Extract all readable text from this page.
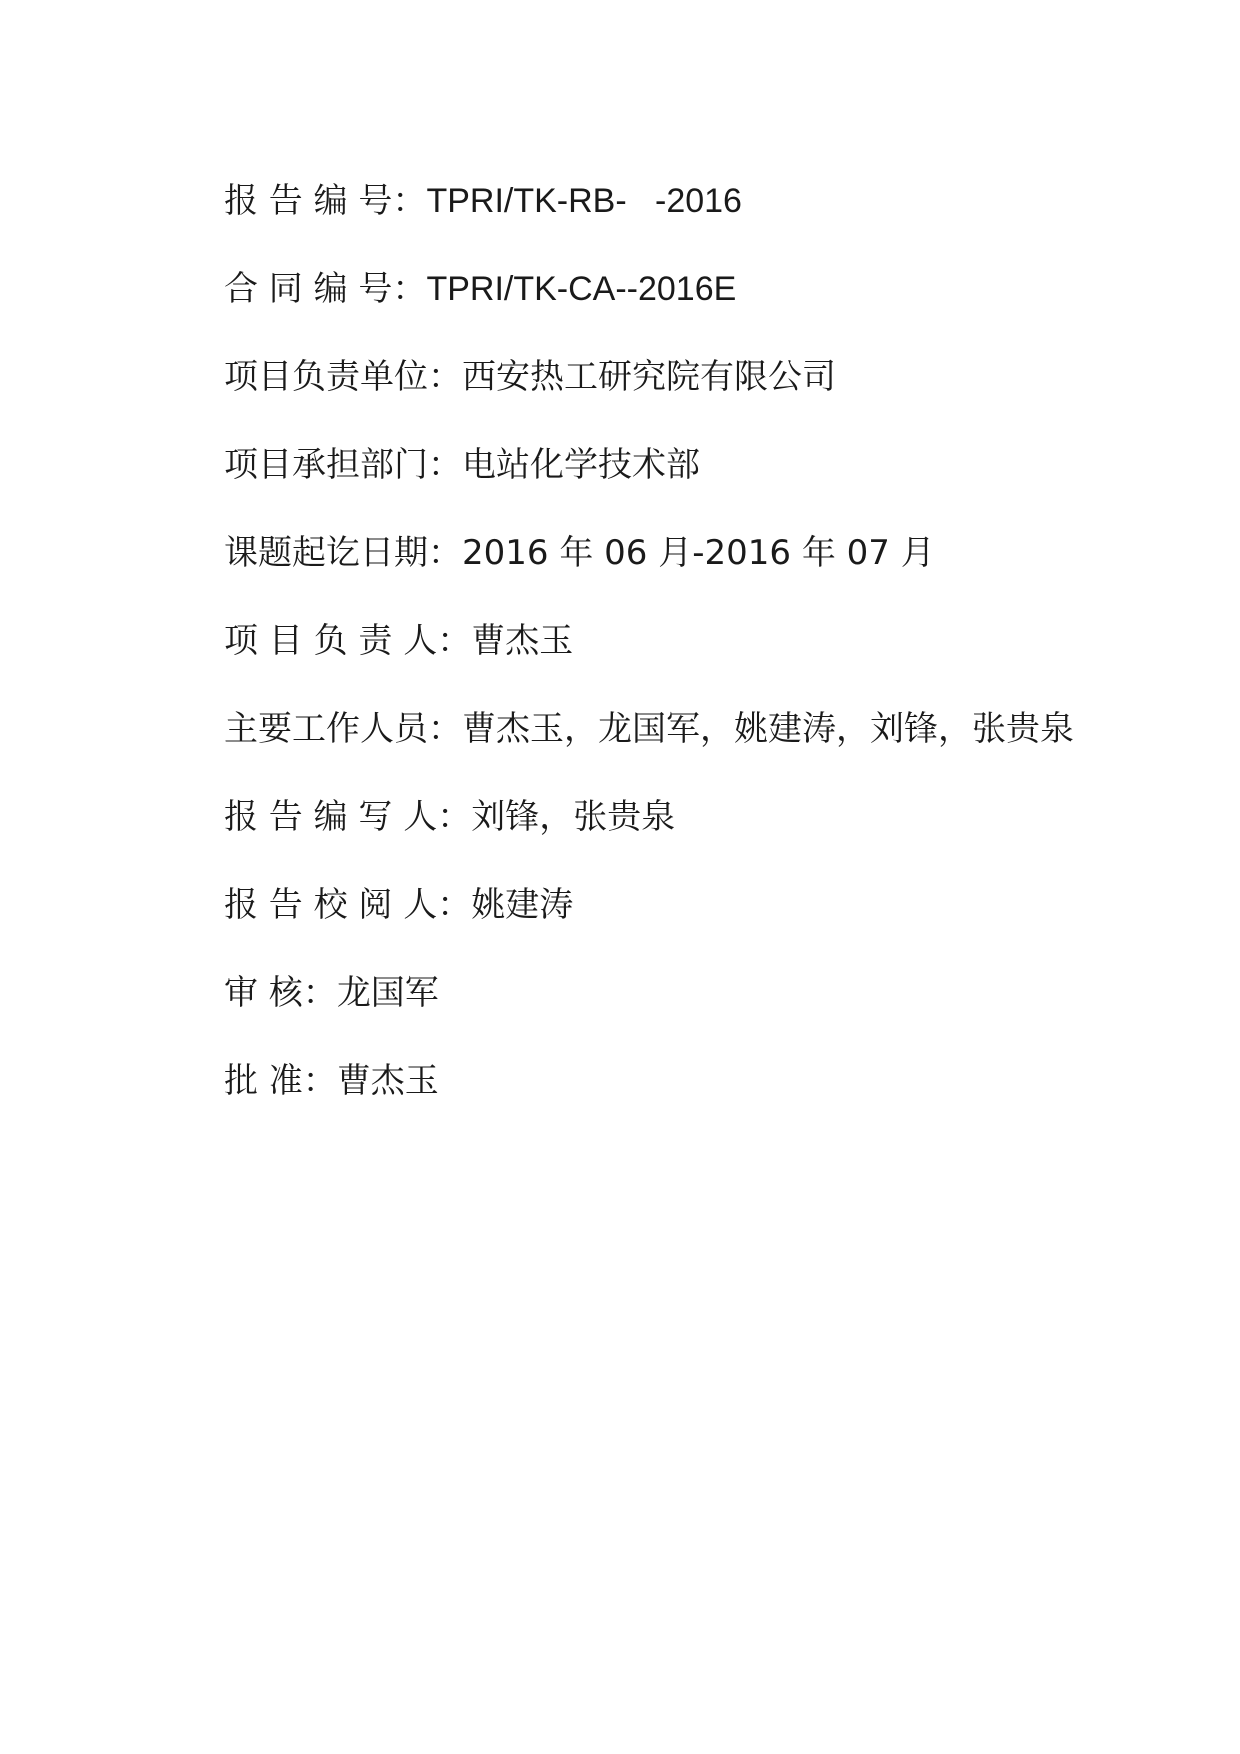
报 告 编 号： TPRI/TK-RB-   -2016
合 同 编 号： TPRI/TK-CA--2016E
项目负责单位： 西安热工研究院有限公司
项目承担部门： 电站化学技术部
课题起讫日期： 2016 年 06 月-2016 年 07 月
项 目 负 责 人： 曹杰玉
主要工作人员： 曹杰玉，龙国军，姚建涛，刘锋，张贵泉
报 告 编 写 人： 刘锋，张贵泉
报 告 校 阅 人： 姚建涛
审 核： 龙国军
批 准： 曹杰玉
